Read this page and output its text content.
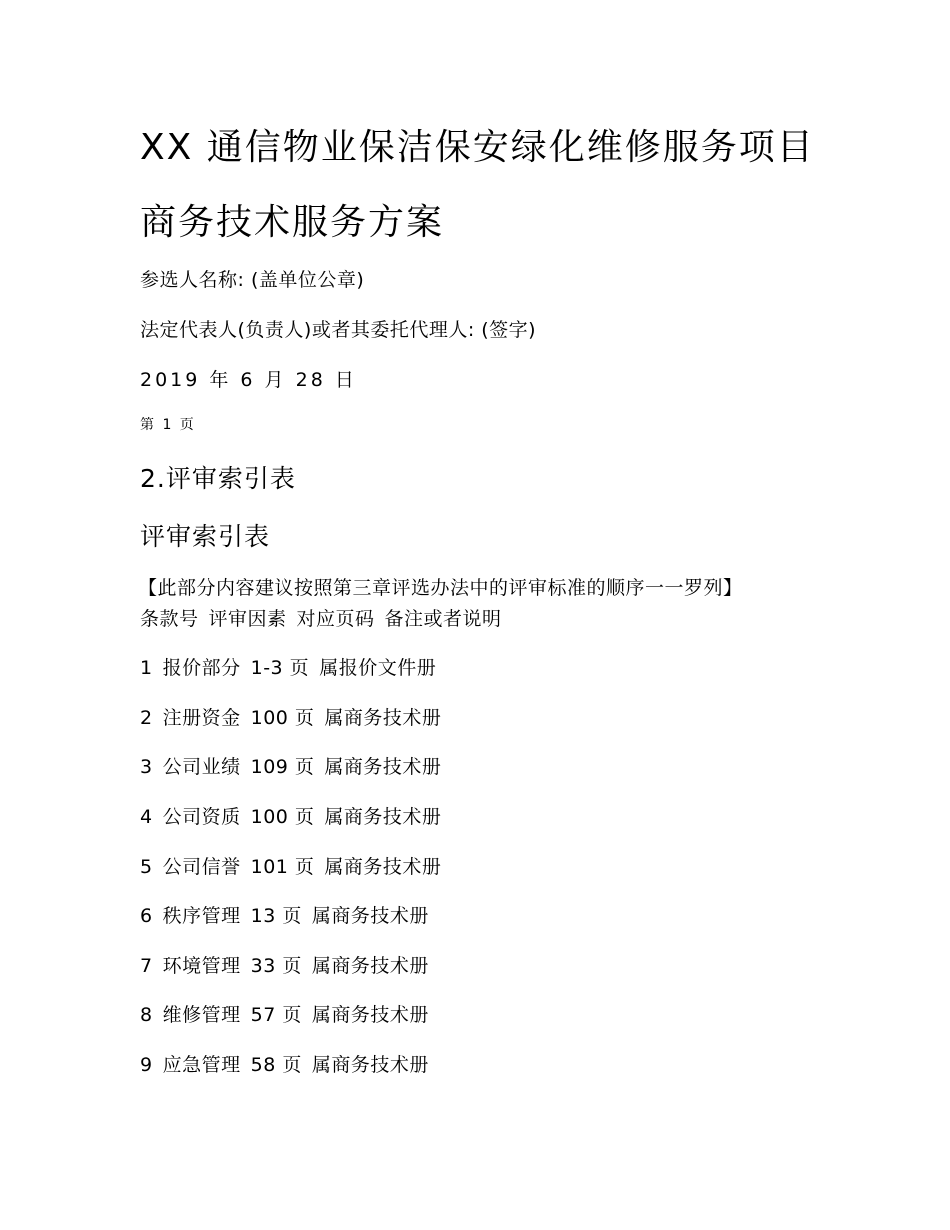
XX 通信物业保洁保安绿化维修服务项目
商务技术服务方案
参选人名称: (盖单位公章)
法定代表人(负责人)或者其委托代理人: (签字)
2019 年 6 月 28 日
第 1 页
2.评审索引表
评审索引表
【此部分内容建议按照第三章评选办法中的评审标准的顺序一一罗列】
条款号 评审因素 对应页码 备注或者说明
1 报价部分 1-3 页 属报价文件册
2 注册资金 100 页 属商务技术册
3 公司业绩 109 页 属商务技术册
4 公司资质 100 页 属商务技术册
5 公司信誉 101 页 属商务技术册
6 秩序管理 13 页 属商务技术册
7 环境管理 33 页 属商务技术册
8 维修管理 57 页 属商务技术册
9 应急管理 58 页 属商务技术册
